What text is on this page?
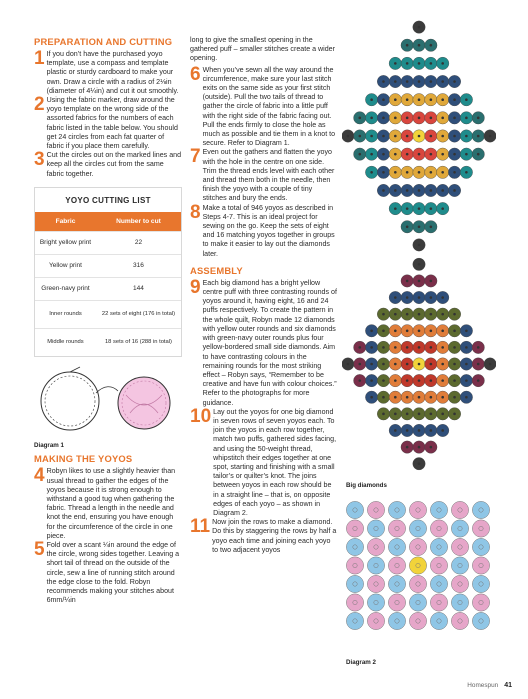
PREPARATION AND CUTTING
1 If you don’t have the purchased yoyo template, use a compass and template plastic or sturdy cardboard to make your own. Draw a circle with a radius of 2⅛in (diameter of 4¼in) and cut it out smoothly.

2 Using the fabric marker, draw around the yoyo template on the wrong side of the assorted fabrics for the numbers of each fabric listed in the table below. You should get 24 circles from each fat quarter of fabric if you place them carefully.

3 Cut the circles out on the marked lines and keep all the circles cut from the same fabric together.

YOYO CUTTING LIST
Fabric	Number to cut
Bright yellow print	22
Yellow print	316
Green-navy print	144
Inner rounds	22 sets of eight (176 in total)
Middle rounds	18 sets of 16 (288 in total)
Diagram 1
MAKING THE YOYOS
4 Robyn likes to use a slightly heavier than usual thread to gather the edges of the yoyos because it is strong enough to withstand a good tug when gathering the fabric. Thread a length in the needle and knot the end, ensuring you have enough for the circumference of the circle in one piece.

5 Fold over a scant ¼in around the edge of the circle, wrong sides together. Leaving a short tail of thread on the outside of the circle, sew a line of running stitch around the edge close to the fold. Robyn recommends making your stitches about 6mm/¼in

long to give the smallest opening in the gathered puff – smaller stitches create a wider opening.

6 When you’ve sewn all the way around the circumference, make sure your last stitch exits on the same side as your first stitch (outside). Pull the two tails of thread to gather the circle of fabric into a little puff with the right side of the fabric facing out. Pull the ends firmly to close the hole as much as possible and tie them in a knot to secure. Refer to Diagram 1.

7 Even out the gathers and flatten the yoyo with the hole in the centre on one side. Trim the thread ends level with each other and thread them both in the needle, then finish the yoyo with a couple of tiny stitches and bury the ends.

8 Make a total of 946 yoyos as described in Steps 4-7. This is an ideal project for sewing on the go. Keep the sets of eight and 16 matching yoyos together in groups to make it easier to lay out the diamonds later.

ASSEMBLY
9 Each big diamond has a bright yellow centre puff with three contrasting rounds of yoyos around it, having eight, 16 and 24 puffs respectively. To create the pattern in the whole quilt, Robyn made 12 diamonds with yellow outer rounds and six diamonds with green-navy outer rounds plus four yellow-bordered small side diamonds. Aim to have contrasting colours in the remaining rounds for the most striking effect – Robyn says, “Remember to be creative and have fun with colour choices.” Refer to the photographs for more guidance.

10 Lay out the yoyos for one big diamond in seven rows of seven yoyos each. To join the yoyos in each row together, match two puffs, gathered sides facing, and using the 50-weight thread, whipstitch their edges together at one spot, starting and finishing with a small tailor’s or quilter’s knot. The joins between yoyos in each row should be in a straight line – that is, on opposite edges of each yoyo – as shown in Diagram 2.

11 Now join the rows to make a diamond. Do this by staggering the rows by half a yoyo each time and joining each yoyo to two adjacent yoyos

Big diamonds
Diagram 2
Homespun 41
